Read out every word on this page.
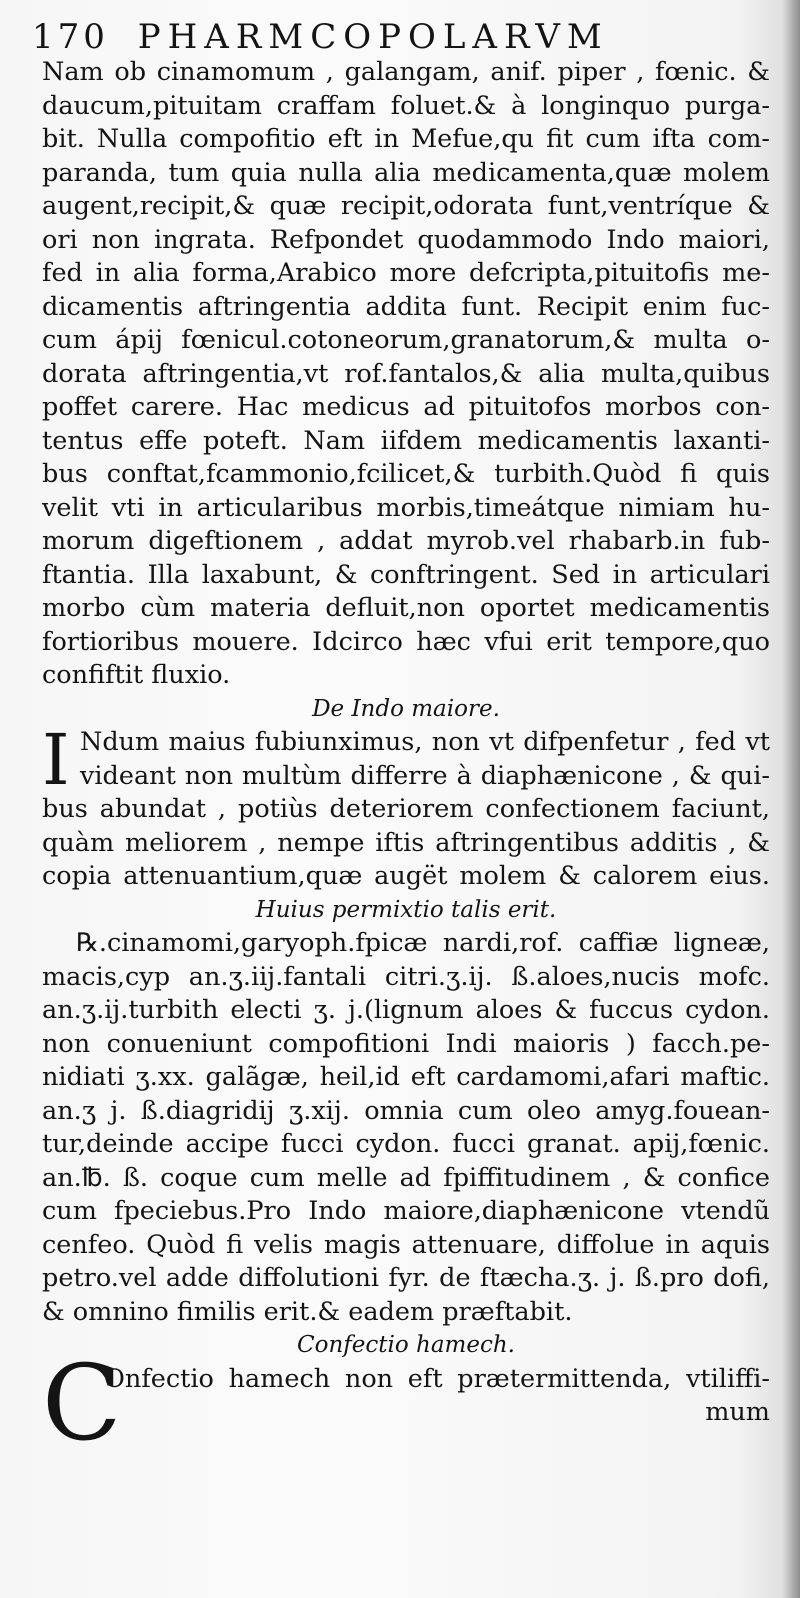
170 PHARMCOPOLARVM
Nam ob cinamomum , galangam, anif. piper , fœnic. &
daucum,pituitam craffam foluet.& à longinquo purga-
bit. Nulla compofitio eft in Mefue,qu fit cum ifta com-
paranda, tum quia nulla alia medicamenta,quæ molem
augent,recipit,& quæ recipit,odorata funt,ventríque &
ori non ingrata. Refpondet quodammodo Indo maiori,
fed in alia forma,Arabico more defcripta,pituitofis me-
dicamentis aftringentia addita funt. Recipit enim fuc-
cum ápij fœnicul.cotoneorum,granatorum,& multa o-
dorata aftringentia,vt rof.fantalos,& alia multa,quibus
poffet carere. Hac medicus ad pituitofos morbos con-
tentus effe poteft. Nam iifdem medicamentis laxanti-
bus conftat,fcammonio,fcilicet,& turbith.Quòd fi quis
velit vti in articularibus morbis,timeátque nimiam hu-
morum digeftionem , addat myrob.vel rhabarb.in fub-
ftantia. Illa laxabunt, & conftringent. Sed in articulari
morbo cùm materia defluit,non oportet medicamentis
fortioribus mouere. Idcirco hæc vfui erit tempore,quo
confiftit fluxio.
De Indo maiore.
I Ndum maius fubiunximus, non vt difpenfetur , fed vt
videant non multùm differre à diaphænicone , & qui-
bus abundat , potiùs deteriorem confectionem faciunt,
quàm meliorem , nempe iftis aftringentibus additis , &
copia attenuantium,quæ augët molem & calorem eius.
Huius permixtio talis erit.
℞.cinamomi,garyoph.fpicæ nardi,rof. caffiæ ligneæ,
macis,cyp an.ʒ.iij.fantali citri.ʒ.ij. ß.aloes,nucis mofc.
an.ʒ.ij.turbith electi ʒ. j.(lignum aloes & fuccus cydon.
non conueniunt compofitioni Indi maioris ) facch.pe-
nidiati ʒ.xx. galãgæ, heil,id eft cardamomi,afari maftic.
an.ʒ j. ß.diagridij ʒ.xij. omnia cum oleo amyg.fouean-
tur,deinde accipe fucci cydon. fucci granat. apij,fœnic.
an.℔. ß. coque cum melle ad fpiffitudinem , & confice
cum fpeciebus.Pro Indo maiore,diaphænicone vtendũ
cenfeo. Quòd fi velis magis attenuare, diffolue in aquis
petro.vel adde diffolutioni fyr. de ftæcha.ʒ. j. ß.pro dofi,
& omnino fimilis erit.& eadem præftabit.
Confectio hamech.
C
Onfectio hamech non eft prætermittenda, vtiliffi-
mum
